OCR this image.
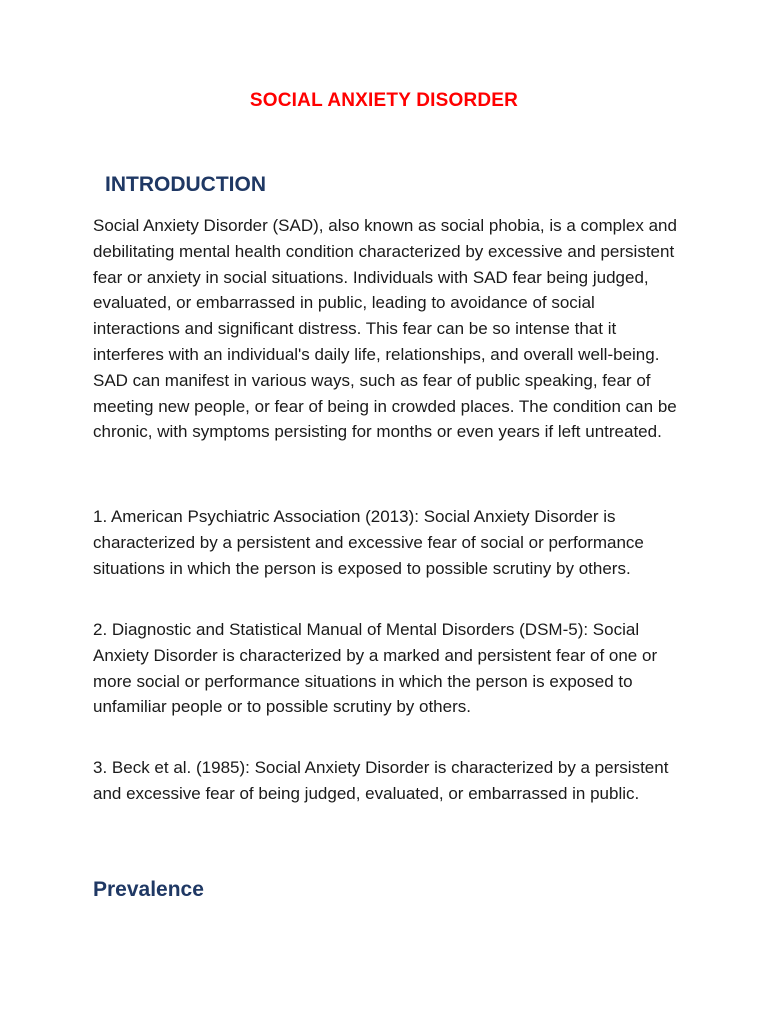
SOCIAL ANXIETY DISORDER
INTRODUCTION

Social Anxiety Disorder (SAD), also known as social phobia, is a complex and debilitating mental health condition characterized by excessive and persistent fear or anxiety in social situations. Individuals with SAD fear being judged, evaluated, or embarrassed in public, leading to avoidance of social interactions and significant distress. This fear can be so intense that it interferes with an individual's daily life, relationships, and overall well-being. SAD can manifest in various ways, such as fear of public speaking, fear of meeting new people, or fear of being in crowded places. The condition can be chronic, with symptoms persisting for months or even years if left untreated.

1. American Psychiatric Association (2013): Social Anxiety Disorder is characterized by a persistent and excessive fear of social or performance situations in which the person is exposed to possible scrutiny by others.

2. Diagnostic and Statistical Manual of Mental Disorders (DSM-5): Social Anxiety Disorder is characterized by a marked and persistent fear of one or more social or performance situations in which the person is exposed to unfamiliar people or to possible scrutiny by others.

3. Beck et al. (1985): Social Anxiety Disorder is characterized by a persistent and excessive fear of being judged, evaluated, or embarrassed in public.

Prevalence
